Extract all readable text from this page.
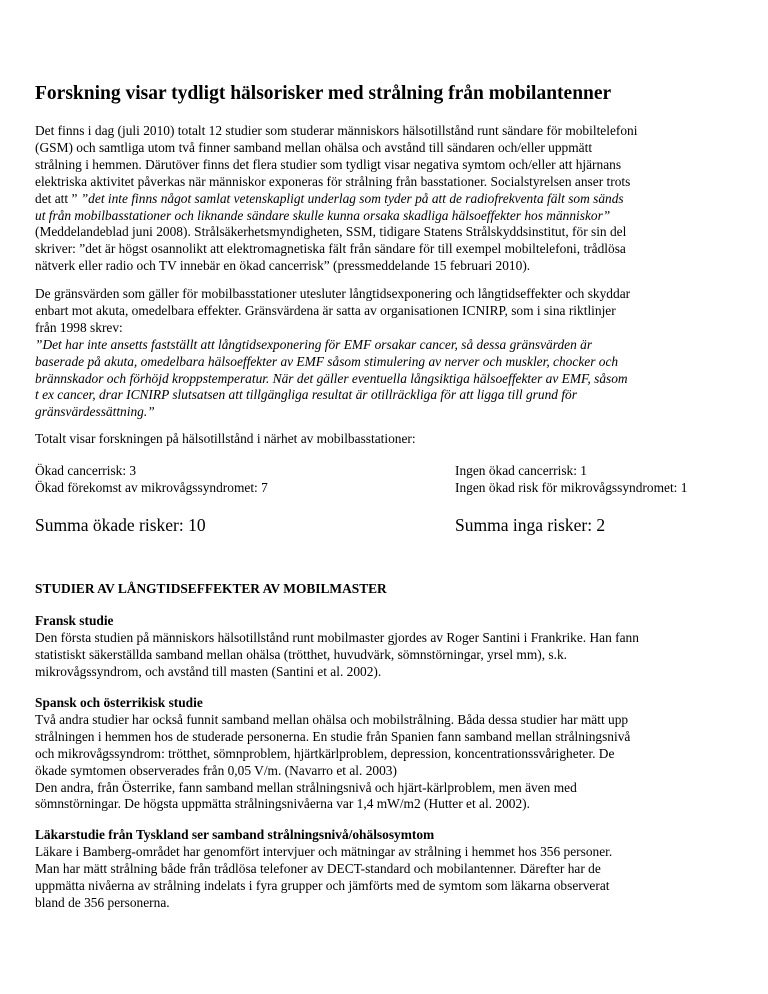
Forskning visar tydligt hälsorisker med strålning från mobilantenner
Det finns i dag (juli 2010) totalt 12 studier som studerar människors hälsotillstånd runt sändare för mobiltelefoni
(GSM) och samtliga utom två finner samband mellan ohälsa och avstånd till sändaren och/eller uppmätt
strålning i hemmen. Därutöver finns det flera studier som tydligt visar negativa symtom och/eller att hjärnans
elektriska aktivitet påverkas när människor exponeras för strålning från basstationer. Socialstyrelsen anser trots
det att ” ”det inte finns något samlat vetenskapligt underlag som tyder på att de radiofrekventa fält som sänds
ut från mobilbasstationer och liknande sändare skulle kunna orsaka skadliga hälsoeffekter hos människor”
(Meddelandeblad juni 2008). Strålsäkerhetsmyndigheten, SSM, tidigare Statens Strålskyddsinstitut, för sin del
skriver: ”det är högst osannolikt att elektromagnetiska fält från sändare för till exempel mobiltelefoni, trådlösa
nätverk eller radio och TV innebär en ökad cancerrisk” (pressmeddelande 15 februari 2010).
De gränsvärden som gäller för mobilbasstationer utesluter långtidsexponering och långtidseffekter och skyddar
enbart mot akuta, omedelbara effekter. Gränsvärdena är satta av organisationen ICNIRP, som i sina riktlinjer
från 1998 skrev:
”Det har inte ansetts fastställt att långtidsexponering för EMF orsakar cancer, så dessa gränsvärden är
baserade på akuta, omedelbara hälsoeffekter av EMF såsom stimulering av nerver och muskler, chocker och
brännskador och förhöjd kroppstemperatur. När det gäller eventuella långsiktiga hälsoeffekter av EMF, såsom
t ex cancer, drar ICNIRP slutsatsen att tillgängliga resultat är otillräckliga för att ligga till grund för
gränsvärdessättning.”
Totalt visar forskningen på hälsotillstånd i närhet av mobilbasstationer:
Ökad cancerrisk: 3
Ökad förekomst av mikrovågssyndromet: 7
Ingen ökad cancerrisk: 1
Ingen ökad risk för mikrovågssyndromet: 1
Summa ökade risker: 10	Summa inga risker: 2
STUDIER AV LÅNGTIDSEFFEKTER AV MOBILMASTER
Fransk studie
Den första studien på människors hälsotillstånd runt mobilmaster gjordes av Roger Santini i Frankrike. Han fann
statistiskt säkerställda samband mellan ohälsa (trötthet, huvudvärk, sömnstörningar, yrsel mm), s.k.
mikrovågssyndrom, och avstånd till masten (Santini et al. 2002).
Spansk och österrikisk studie
Två andra studier har också funnit samband mellan ohälsa och mobilstrålning. Båda dessa studier har mätt upp
strålningen i hemmen hos de studerade personerna. En studie från Spanien fann samband mellan strålningsnivå
och mikrovågssyndrom: trötthet, sömnproblem, hjärtkärlproblem, depression, koncentrationssvårigheter. De
ökade symtomen observerades från 0,05 V/m. (Navarro et al. 2003)
Den andra, från Österrike, fann samband mellan strålningsnivå och hjärt-kärlproblem, men även med
sömnstörningar. De högsta uppmätta strålningsnivåerna var 1,4 mW/m2 (Hutter et al. 2002).
Läkarstudie från Tyskland ser samband strålningsnivå/ohälsosymtom
Läkare i Bamberg-området har genomfört intervjuer och mätningar av strålning i hemmet hos 356 personer.
Man har mätt strålning både från trådlösa telefoner av DECT-standard och mobilantenner. Därefter har de
uppmätta nivåerna av strålning indelats i fyra grupper och jämförts med de symtom som läkarna observerat
bland de 356 personerna.
